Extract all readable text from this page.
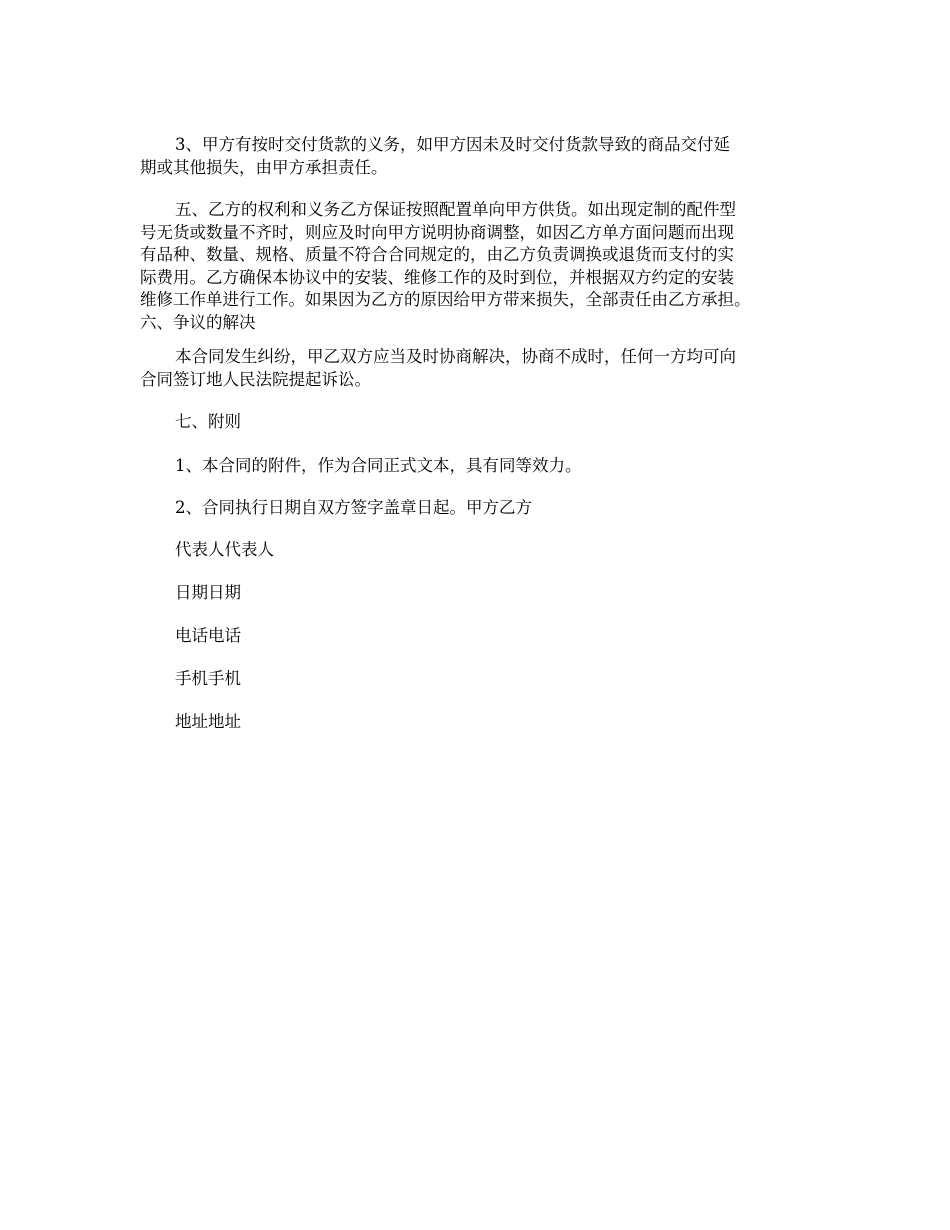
3、甲方有按时交付货款的义务，如甲方因未及时交付货款导致的商品交付延
期或其他损失，由甲方承担责任。
五、乙方的权利和义务乙方保证按照配置单向甲方供货。如出现定制的配件型
号无货或数量不齐时，则应及时向甲方说明协商调整，如因乙方单方面问题而出现
有品种、数量、规格、质量不符合合同规定的，由乙方负责调换或退货而支付的实
际费用。乙方确保本协议中的安装、维修工作的及时到位，并根据双方约定的安装
维修工作单进行工作。如果因为乙方的原因给甲方带来损失，全部责任由乙方承担。
六、争议的解决
本合同发生纠纷，甲乙双方应当及时协商解决，协商不成时，任何一方均可向
合同签订地人民法院提起诉讼。
七、附则
1、本合同的附件，作为合同正式文本，具有同等效力。
2、合同执行日期自双方签字盖章日起。甲方乙方
代表人代表人
日期日期
电话电话
手机手机
地址地址
